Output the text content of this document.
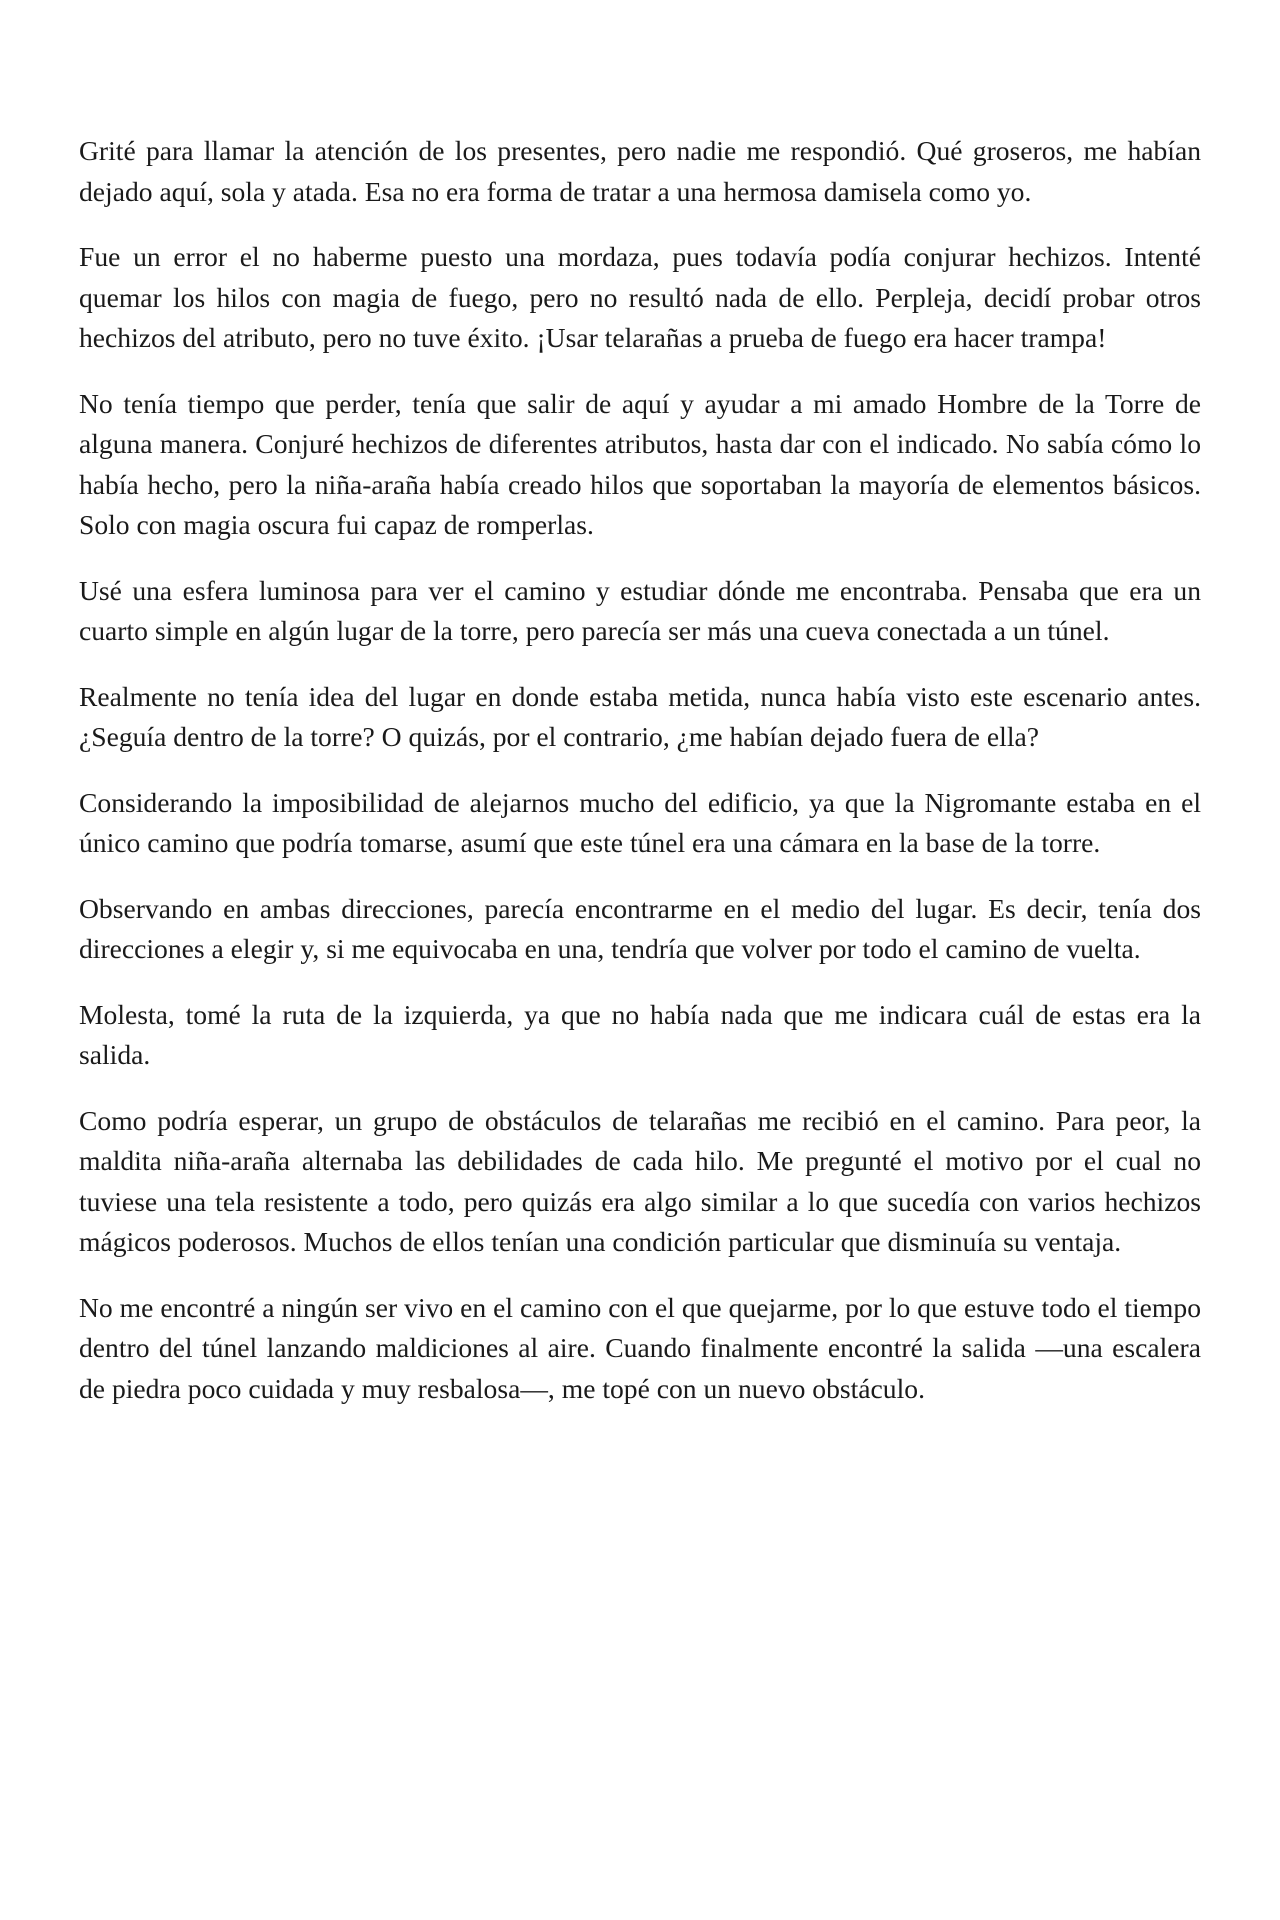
Grité para llamar la atención de los presentes, pero nadie me respondió. Qué groseros, me habían dejado aquí, sola y atada. Esa no era forma de tratar a una hermosa damisela como yo.

Fue un error el no haberme puesto una mordaza, pues todavía podía conjurar hechizos. Intenté quemar los hilos con magia de fuego, pero no resultó nada de ello. Perpleja, decidí probar otros hechizos del atributo, pero no tuve éxito. ¡Usar telarañas a prueba de fuego era hacer trampa!

No tenía tiempo que perder, tenía que salir de aquí y ayudar a mi amado Hombre de la Torre de alguna manera. Conjuré hechizos de diferentes atributos, hasta dar con el indicado. No sabía cómo lo había hecho, pero la niña-araña había creado hilos que soportaban la mayoría de elementos básicos. Solo con magia oscura fui capaz de romperlas.

Usé una esfera luminosa para ver el camino y estudiar dónde me encontraba. Pensaba que era un cuarto simple en algún lugar de la torre, pero parecía ser más una cueva conectada a un túnel.

Realmente no tenía idea del lugar en donde estaba metida, nunca había visto este escenario antes. ¿Seguía dentro de la torre? O quizás, por el contrario, ¿me habían dejado fuera de ella?

Considerando la imposibilidad de alejarnos mucho del edificio, ya que la Nigromante estaba en el único camino que podría tomarse, asumí que este túnel era una cámara en la base de la torre.

Observando en ambas direcciones, parecía encontrarme en el medio del lugar. Es decir, tenía dos direcciones a elegir y, si me equivocaba en una, tendría que volver por todo el camino de vuelta.

Molesta, tomé la ruta de la izquierda, ya que no había nada que me indicara cuál de estas era la salida.

Como podría esperar, un grupo de obstáculos de telarañas me recibió en el camino. Para peor, la maldita niña-araña alternaba las debilidades de cada hilo. Me pregunté el motivo por el cual no tuviese una tela resistente a todo, pero quizás era algo similar a lo que sucedía con varios hechizos mágicos poderosos. Muchos de ellos tenían una condición particular que disminuía su ventaja.

No me encontré a ningún ser vivo en el camino con el que quejarme, por lo que estuve todo el tiempo dentro del túnel lanzando maldiciones al aire. Cuando finalmente encontré la salida —una escalera de piedra poco cuidada y muy resbalosa—, me topé con un nuevo obstáculo.
